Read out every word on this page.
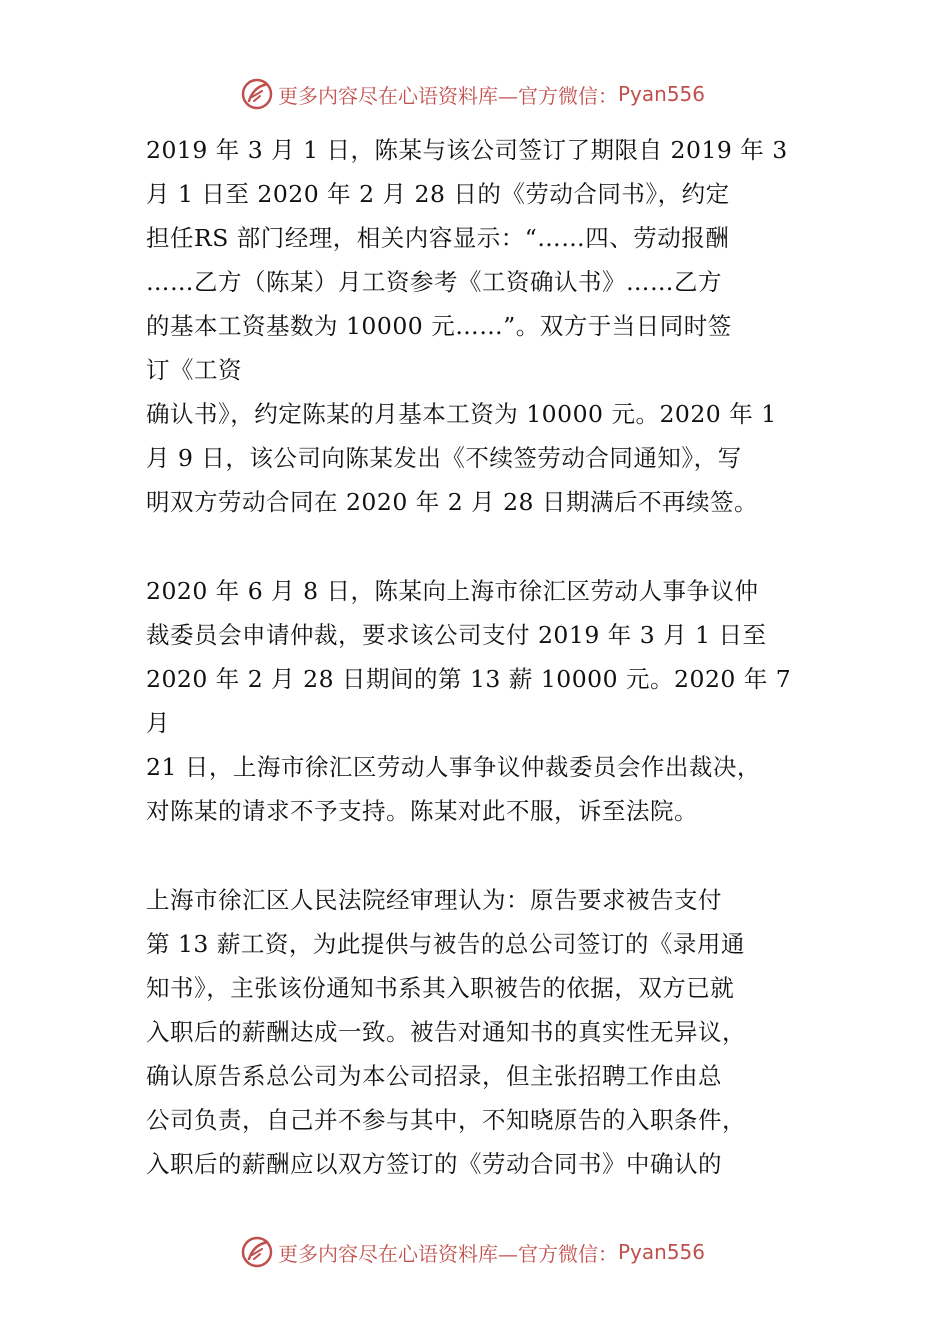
更多内容尽在心语资料库—官方微信： Pyan556
2019 年 3 月 1 日，陈某与该公司签订了期限自 2019 年 3
月 1 日至 2020 年 2 月 28 日的《劳动合同书》，约定
担任RS 部门经理，相关内容显示：“……四、劳动报酬
……乙方（陈某）月工资参考《工资确认书》……乙方
的基本工资基数为 10000 元……”。双方于当日同时签
订《工资
确认书》，约定陈某的月基本工资为 10000 元。2020 年 1
月 9 日，该公司向陈某发出《不续签劳动合同通知》，写
明双方劳动合同在 2020 年 2 月 28 日期满后不再续签。
2020 年 6 月 8 日，陈某向上海市徐汇区劳动人事争议仲
裁委员会申请仲裁，要求该公司支付 2019 年 3 月 1 日至
2020 年 2 月 28 日期间的第 13 薪 10000 元。2020 年 7
月
21 日，上海市徐汇区劳动人事争议仲裁委员会作出裁决，
对陈某的请求不予支持。陈某对此不服，诉至法院。
上海市徐汇区人民法院经审理认为：原告要求被告支付
第 13 薪工资，为此提供与被告的总公司签订的《录用通
知书》，主张该份通知书系其入职被告的依据，双方已就
入职后的薪酬达成一致。被告对通知书的真实性无异议，
确认原告系总公司为本公司招录，但主张招聘工作由总
公司负责，自己并不参与其中，不知晓原告的入职条件，
入职后的薪酬应以双方签订的《劳动合同书》中确认的
更多内容尽在心语资料库—官方微信： Pyan556
